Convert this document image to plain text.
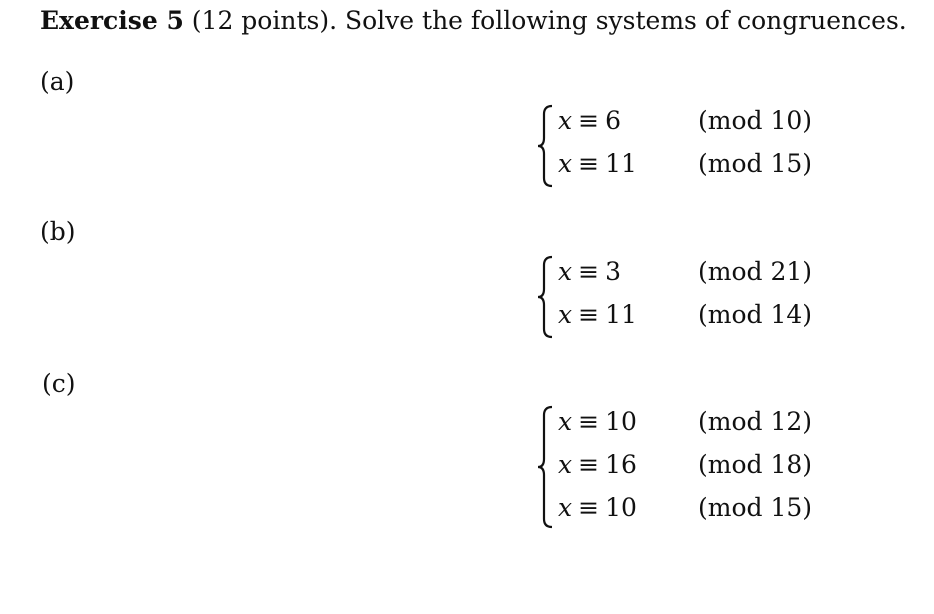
Exercise 5 (12 points). Solve the following systems of congruences.
(a)
x ≡ 6	(mod 10)
x ≡ 11 (mod 15)
(b)
x ≡ 3	(mod 21)
x ≡ 11 (mod 14)
(c)
x ≡ 10 (mod 12)
x ≡ 16 (mod 18)
x ≡ 10 (mod 15)
